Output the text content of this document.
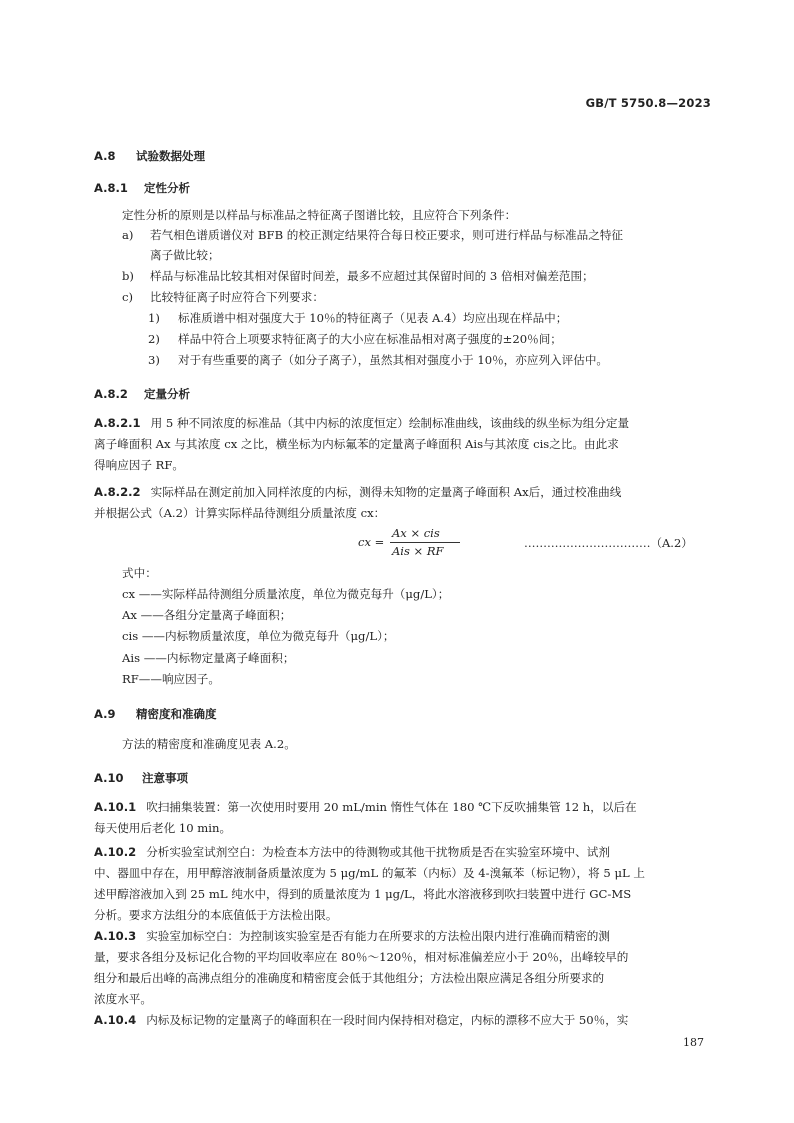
GB/T 5750.8—2023
A.8 试验数据处理
A.8.1 定性分析
定性分析的原则是以样品与标准品之特征离子图谱比较，且应符合下列条件：
a) 若气相色谱质谱仪对 BFB 的校正测定结果符合每日校正要求，则可进行样品与标准品之特征
离子做比较；
b) 样品与标准品比较其相对保留时间差，最多不应超过其保留时间的 3 倍相对偏差范围；
c) 比较特征离子时应符合下列要求：
1) 标准质谱中相对强度大于 10％的特征离子（见表 A.4）均应出现在样品中；
2) 样品中符合上项要求特征离子的大小应在标准品相对离子强度的±20％间；
3) 对于有些重要的离子（如分子离子），虽然其相对强度小于 10％，亦应列入评估中。
A.8.2 定量分析
A.8.2.1 用 5 种不同浓度的标准品（其中内标的浓度恒定）绘制标准曲线，该曲线的纵坐标为组分定量
离子峰面积 Ax 与其浓度 cx 之比，横坐标为内标氟苯的定量离子峰面积 Ais与其浓度 cis之比。由此求
得响应因子 RF。
A.8.2.2 实际样品在测定前加入同样浓度的内标，测得未知物的定量离子峰面积 Ax后，通过校准曲线
并根据公式（A.2）计算实际样品待测组分质量浓度 cx：
cx =
Ax × cis
Ais × RF
……………………………（A.2）
式中：
cx ——实际样品待测组分质量浓度，单位为微克每升（μg/L）；
Ax ——各组分定量离子峰面积；
cis ——内标物质量浓度，单位为微克每升（μg/L）；
Ais ——内标物定量离子峰面积；
RF——响应因子。
A.9 精密度和准确度
方法的精密度和准确度见表 A.2。
A.10 注意事项
A.10.1 吹扫捕集装置：第一次使用时要用 20 mL/min 惰性气体在 180 ℃下反吹捕集管 12 h，以后在
每天使用后老化 10 min。
A.10.2 分析实验室试剂空白：为检查本方法中的待测物或其他干扰物质是否在实验室环境中、试剂
中、器皿中存在，用甲醇溶液制备质量浓度为 5 μg/mL 的氟苯（内标）及 4-溴氟苯（标记物），将 5 μL 上
述甲醇溶液加入到 25 mL 纯水中，得到的质量浓度为 1 μg/L，将此水溶液移到吹扫装置中进行 GC-MS
分析。要求方法组分的本底值低于方法检出限。
A.10.3 实验室加标空白：为控制该实验室是否有能力在所要求的方法检出限内进行准确而精密的测
量，要求各组分及标记化合物的平均回收率应在 80％～120％，相对标准偏差应小于 20％，出峰较早的
组分和最后出峰的高沸点组分的准确度和精密度会低于其他组分；方法检出限应满足各组分所要求的
浓度水平。
A.10.4 内标及标记物的定量离子的峰面积在一段时间内保持相对稳定，内标的漂移不应大于 50％，实
187
